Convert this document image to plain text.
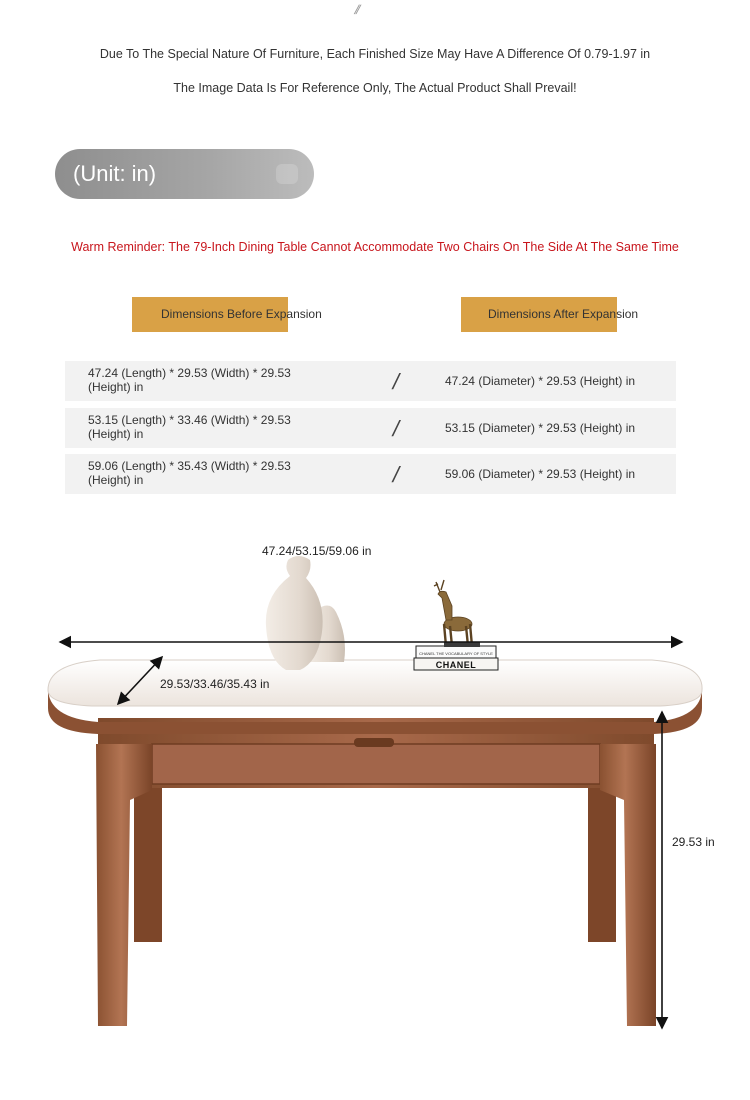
CHANEL THE VOCABULARY OF STYLE
CHANEL
//
Due To The Special Nature Of Furniture, Each Finished Size May Have A Difference Of 0.79-1.97 in
The Image Data Is For Reference Only, The Actual Product Shall Prevail!
(Unit: in)
Warm Reminder: The 79-Inch Dining Table Cannot Accommodate Two Chairs On The Side At The Same Time
Dimensions Before Expansion	Dimensions After Expansion
47.24 (Length) * 29.53 (Width) * 29.53 (Height) in	/	47.24 (Diameter) * 29.53 (Height) in
53.15 (Length) * 33.46 (Width) * 29.53 (Height) in	/	53.15 (Diameter) * 29.53 (Height) in
59.06 (Length) * 35.43 (Width) * 29.53 (Height) in	/	59.06 (Diameter) * 29.53 (Height) in
47.24/53.15/59.06 in
29.53/33.46/35.43 in
29.53 in
